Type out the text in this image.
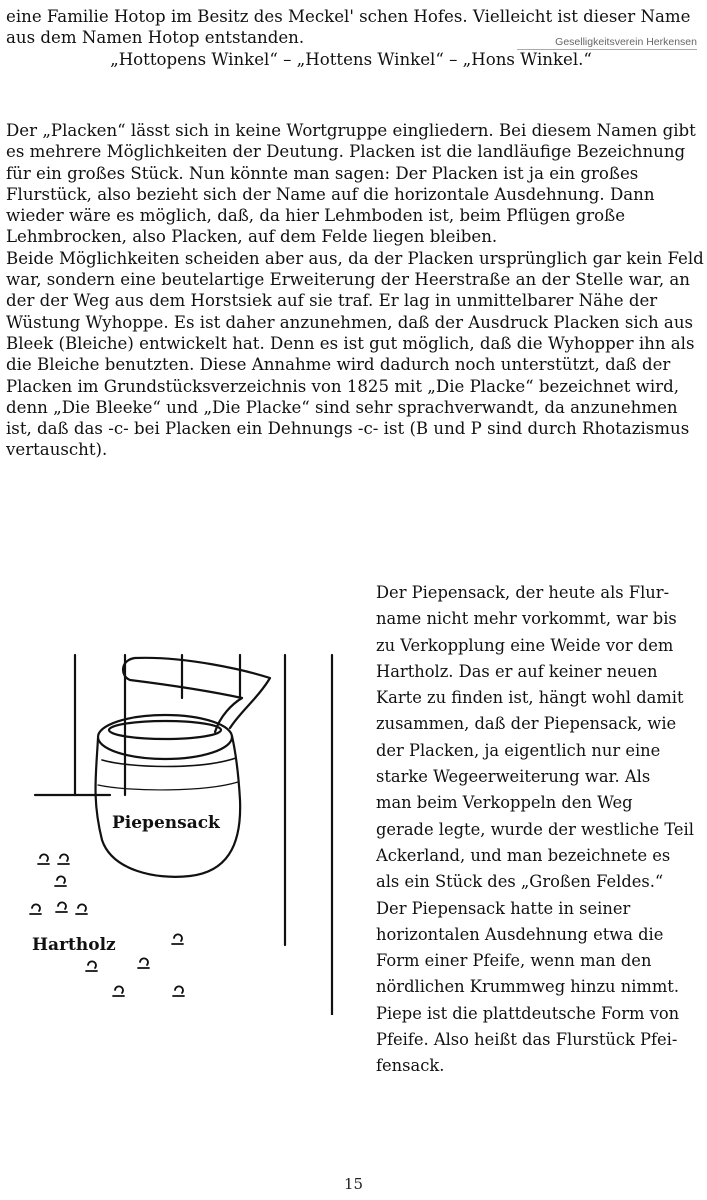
Geselligkeitsverein Herkensen
eine Familie Hotop im Besitz des Meckel' schen Hofes. Vielleicht ist dieser Name
aus dem Namen Hotop entstanden.
„Hottopens Winkel“ – „Hottens Winkel“ – „Hons Winkel.“
Der „Placken“ lässt sich in keine Wortgruppe eingliedern. Bei diesem Namen gibt
es mehrere Möglichkeiten der Deutung. Placken ist die landläufige Bezeichnung
für ein großes Stück. Nun könnte man sagen: Der Placken ist ja ein großes
Flurstück, also bezieht sich der Name auf die horizontale Ausdehnung. Dann
wieder wäre es möglich, daß, da hier Lehmboden ist, beim Pflügen große
Lehmbrocken, also Placken, auf dem Felde liegen bleiben.
Beide Möglichkeiten scheiden aber aus, da der Placken ursprünglich gar kein Feld
war, sondern eine beutelartige Erweiterung der Heerstraße an der Stelle war, an
der der Weg aus dem Horstsiek auf sie traf. Er lag in unmittelbarer Nähe der
Wüstung Wyhoppe. Es ist daher anzunehmen, daß der Ausdruck Placken sich aus
Bleek (Bleiche) entwickelt hat. Denn es ist gut möglich, daß die Wyhopper ihn als
die Bleiche benutzten. Diese Annahme wird dadurch noch unterstützt, daß der
Placken im Grundstücksverzeichnis von 1825 mit „Die Placke“ bezeichnet wird,
denn „Die Bleeke“ und „Die Placke“ sind sehr sprachverwandt, da anzunehmen
ist, daß das -c- bei Placken ein Dehnungs -c- ist (B und P sind durch Rhotazismus
vertauscht).
Piepensack
Hartholz
Der Piepensack, der heute als Flur-
name nicht mehr vorkommt, war bis
zu Verkopplung eine Weide vor dem
Hartholz. Das er auf keiner neuen
Karte zu finden ist, hängt wohl damit
zusammen, daß der Piepensack, wie
der Placken, ja eigentlich nur eine
starke Wegeerweiterung war. Als
man beim Verkoppeln den Weg
gerade legte, wurde der westliche Teil
Ackerland, und man bezeichnete es
als ein Stück des „Großen Feldes.“
Der Piepensack hatte in seiner
horizontalen Ausdehnung etwa die
Form einer Pfeife, wenn man den
nördlichen Krummweg hinzu nimmt.
Piepe ist die plattdeutsche Form von
Pfeife. Also heißt das Flurstück Pfei-
fensack.
15
